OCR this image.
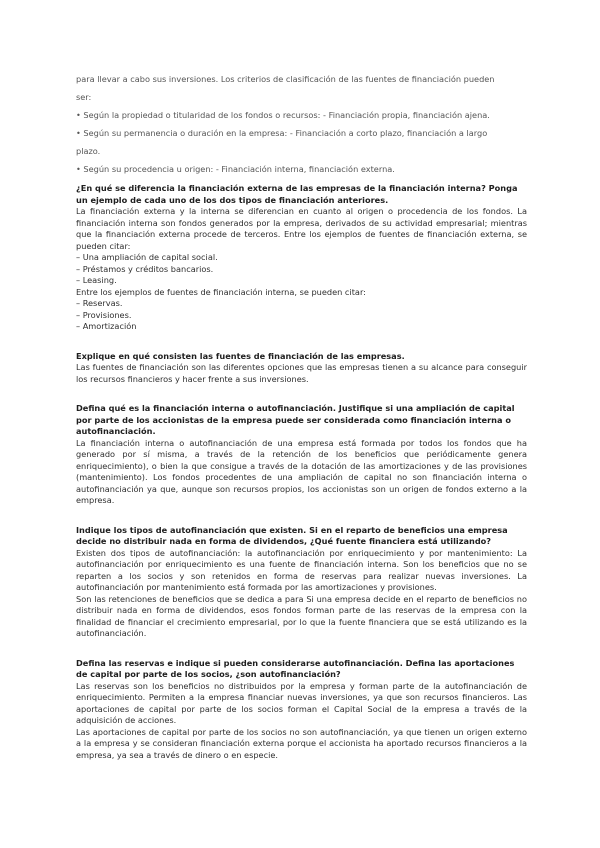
para llevar a cabo sus inversiones. Los criterios de clasificación de las fuentes de financiación pueden

ser:

• Según la propiedad o titularidad de los fondos o recursos: - Financiación propia, financiación ajena.

• Según su permanencia o duración en la empresa: - Financiación a corto plazo, financiación a largo

plazo.

• Según su procedencia u origen: - Financiación interna, financiación externa.

¿En qué se diferencia la financiación externa de las empresas de la financiación interna? Ponga un ejemplo de cada uno de los dos tipos de financiación anteriores.

La financiación externa y la interna se diferencian en cuanto al origen o procedencia de los fondos. La financiación interna son fondos generados por la empresa, derivados de su actividad empresarial; mientras que la financiación externa procede de terceros. Entre los ejemplos de fuentes de financiación externa, se pueden citar:

– Una ampliación de capital social.

– Préstamos y créditos bancarios.

– Leasing.

Entre los ejemplos de fuentes de financiación interna, se pueden citar:

– Reservas.

– Provisiones.

– Amortización

Explique en qué consisten las fuentes de financiación de las empresas.

Las fuentes de financiación son las diferentes opciones que las empresas tienen a su alcance para conseguir los recursos financieros y hacer frente a sus inversiones.

Defina qué es la financiación interna o autofinanciación. Justifique si una ampliación de capital por parte de los accionistas de la empresa puede ser considerada como financiación interna o autofinanciación.

La financiación interna o autofinanciación de una empresa está formada por todos los fondos que ha generado por sí misma, a través de la retención de los beneficios que periódicamente genera enriquecimiento), o bien la que consigue a través de la dotación de las amortizaciones y de las provisiones (mantenimiento). Los fondos procedentes de una ampliación de capital no son financiación interna o autofinanciación ya que, aunque son recursos propios, los accionistas son un origen de fondos externo a la empresa.

Indique los tipos de autofinanciación que existen. Si en el reparto de beneficios una empresa decide no distribuir nada en forma de dividendos, ¿Qué fuente financiera está utilizando?

Existen dos tipos de autofinanciación: la autofinanciación por enriquecimiento y por mantenimiento: La autofinanciación por enriquecimiento es una fuente de financiación interna. Son los beneficios que no se reparten a los socios y son retenidos en forma de reservas para realizar nuevas inversiones. La autofinanciación por mantenimiento está formada por las amortizaciones y provisiones.

Son las retenciones de beneficios que se dedica a para Si una empresa decide en el reparto de beneficios no distribuir nada en forma de dividendos, esos fondos forman parte de las reservas de la empresa con la finalidad de financiar el crecimiento empresarial, por lo que la fuente financiera que se está utilizando es la autofinanciación.

Defina las reservas e indique si pueden considerarse autofinanciación. Defina las aportaciones de capital por parte de los socios, ¿son autofinanciación?

Las reservas son los beneficios no distribuidos por la empresa y forman parte de la autofinanciación de enriquecimiento. Permiten a la empresa financiar nuevas inversiones, ya que son recursos financieros. Las aportaciones de capital por parte de los socios forman el Capital Social de la empresa a través de la adquisición de acciones.

Las aportaciones de capital por parte de los socios no son autofinanciación, ya que tienen un origen externo a la empresa y se consideran financiación externa porque el accionista ha aportado recursos financieros a la empresa, ya sea a través de dinero o en especie.
